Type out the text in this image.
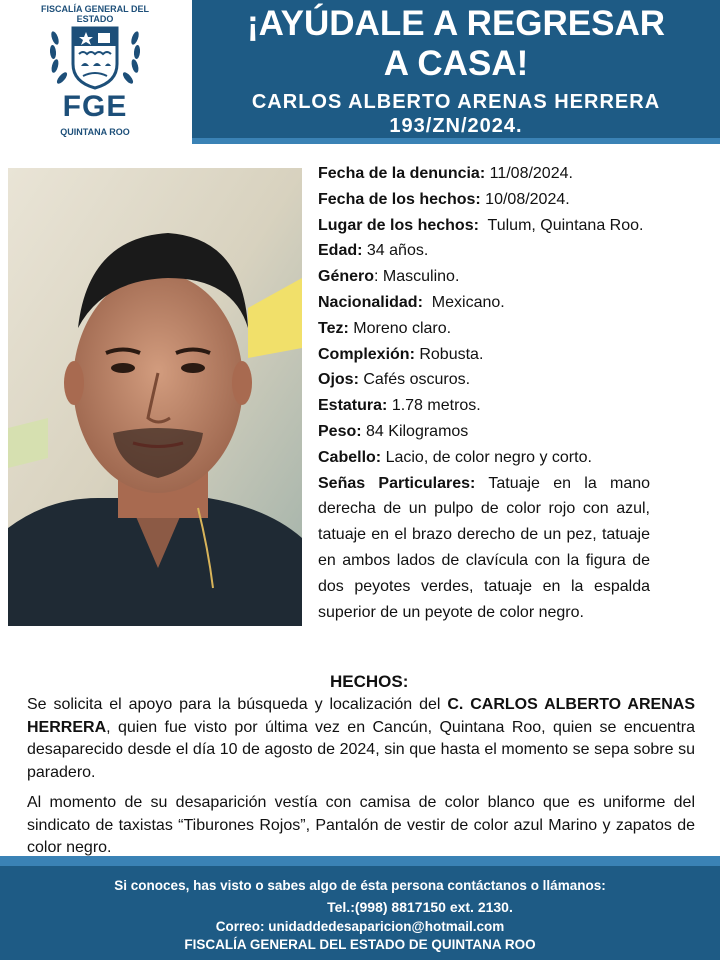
FISCALÍA GENERAL DEL ESTADO
FGE
QUINTANA ROO
¡AYÚDALE A REGRESAR
A CASA!
CARLOS ALBERTO ARENAS HERRERA
193/ZN/2024.

Fecha de la denuncia: 11/08/2024.

Fecha de los hechos: 10/08/2024.

Lugar de los hechos: Tulum, Quintana Roo.

Edad: 34 años.

Género: Masculino.

Nacionalidad: Mexicano.

Tez: Moreno claro.

Complexión: Robusta.

Ojos: Cafés oscuros.

Estatura: 1.78 metros.

Peso: 84 Kilogramos

Cabello: Lacio, de color negro y corto.

Señas Particulares: Tatuaje en la mano derecha de un pulpo de color rojo con azul, tatuaje en el brazo derecho de un pez, tatuaje en ambos lados de clavícula con la figura de dos peyotes verdes, tatuaje en la espalda superior de un peyote de color negro.

HECHOS:

Se solicita el apoyo para la búsqueda y localización del C. CARLOS ALBERTO ARENAS HERRERA, quien fue visto por última vez en Cancún, Quintana Roo, quien se encuentra desaparecido desde el día 10 de agosto de 2024, sin que hasta el momento se sepa sobre su paradero.

Al momento de su desaparición vestía con camisa de color blanco que es uniforme del sindicato de taxistas “Tiburones Rojos”, Pantalón de vestir de color azul Marino y zapatos de color negro.

Si conoces, has visto o sabes algo de ésta persona contáctanos o llámanos:
Tel.:(998) 8817150 ext. 2130.
Correo: unidaddedesaparicion@hotmail.com
FISCALÍA GENERAL DEL ESTADO DE QUINTANA ROO
